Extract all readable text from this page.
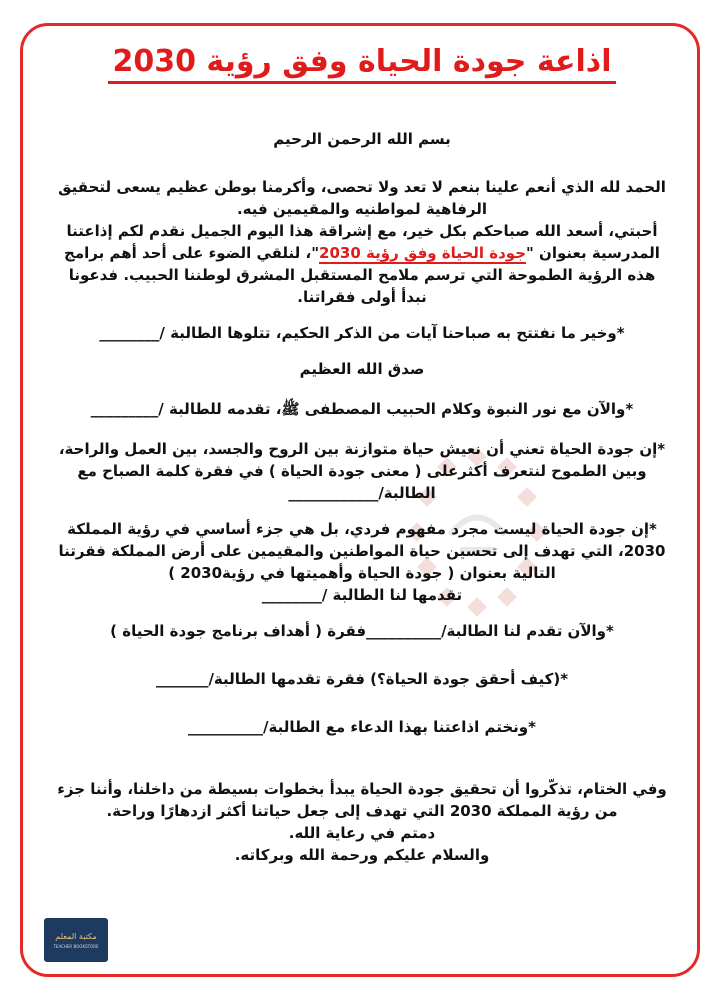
اذاعة جودة الحياة وفق رؤية 2030

بسم الله الرحمن الرحيم

الحمد لله الذي أنعم علينا بنعم لا تعد ولا تحصى، وأكرمنا بوطن عظيم يسعى لتحقيق الرفاهية لمواطنيه والمقيمين فيه.

أحبتي، أسعد الله صباحكم بكل خير، مع إشراقة هذا اليوم الجميل نقدم لكم إذاعتنا المدرسية بعنوان "جودة الحياة وفق رؤية 2030"، لنلقي الضوء على أحد أهم برامج هذه الرؤية الطموحة التي ترسم ملامح المستقبل المشرق لوطننا الحبيب. فدعونا نبدأ أولى فقراتنا.

*وخير ما نفتتح به صباحنا آيات من الذكر الحكيم، تتلوها الطالبة /________

صدق الله العظيم

*والآن مع نور النبوة وكلام الحبيب المصطفى ﷺ، تقدمه للطالبة /_________

*إن جودة الحياة تعني أن نعيش حياة متوازنة بين الروح والجسد، بين العمل والراحة، وبين الطموح لنتعرف أكثرعلى ( معنى جودة الحياة ) في فقرة كلمة الصباح مع الطالبة/____________

*إن جودة الحياة ليست مجرد مفهوم فردي، بل هي جزء أساسي في رؤية المملكة 2030، التي تهدف إلى تحسين حياة المواطنين والمقيمين على أرض المملكة فقرتنا التالية بعنوان ( جودة الحياة وأهميتها في رؤية2030 )

تقدمها لنا الطالبة /________

*والآن تقدم لنا الطالبة/__________فقرة ( أهداف برنامج جودة الحياة )

*(كيف أحقق جودة الحياة؟) فقرة تقدمها الطالبة/_______

*ونختم اذاعتنا بهذا الدعاء مع الطالبة/__________

وفي الختام، تذكّروا أن تحقيق جودة الحياة يبدأ بخطوات بسيطة من داخلنا، وأننا جزء من رؤية المملكة 2030 التي تهدف إلى جعل حياتنا أكثر ازدهارًا وراحة.

دمتم في رعاية الله.

والسلام عليكم ورحمة الله وبركاته.

مكتبة المعلم
TEACHER BOOKSTORE
